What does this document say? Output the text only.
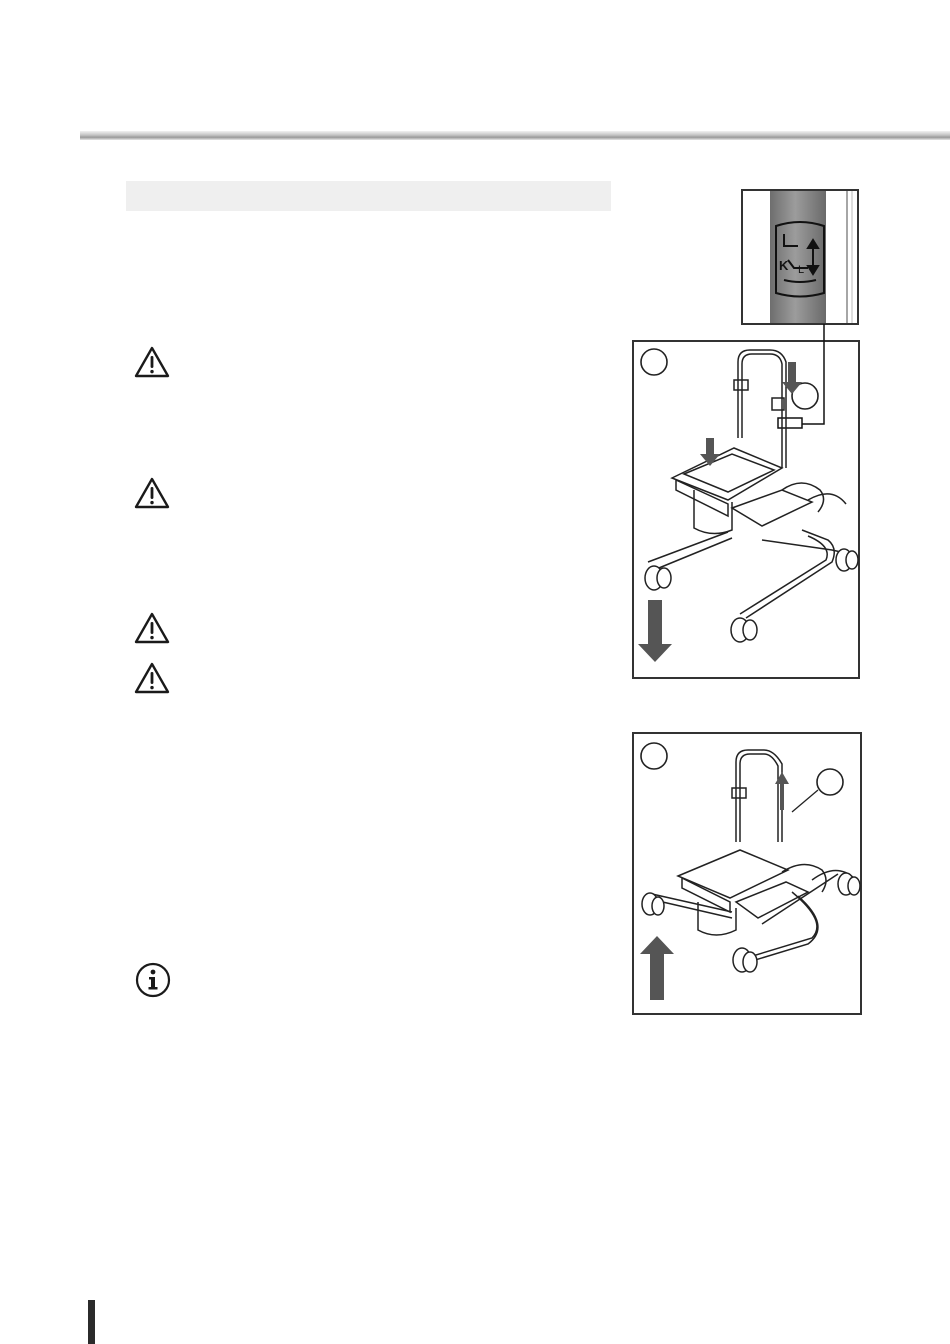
K L
